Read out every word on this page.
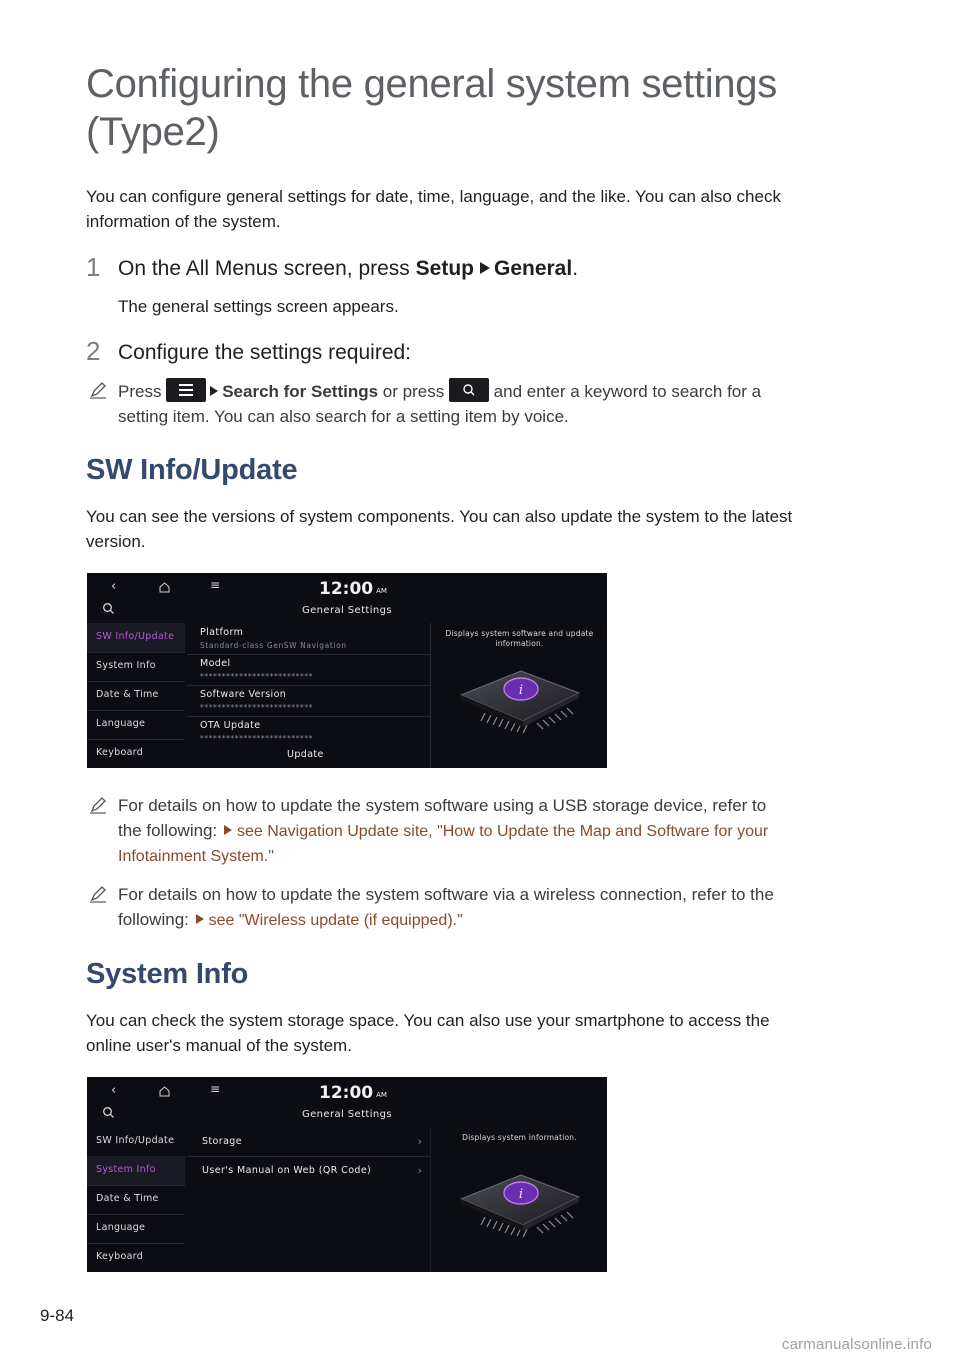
Configuring the general system settings
(Type2)
You can configure general settings for date, time, language, and the like. You can also check
information of the system.
1 On the All Menus screen, press Setup General.
The general settings screen appears.
2 Configure the settings required:
Press	Search for Settings or press  and enter a keyword to search for a
setting item. You can also search for a setting item by voice.
SW Info/Update
You can see the versions of system components. You can also update the system to the latest
version.
‹	≡	12:00 AM
General Settings
SW Info/Update
System Info
Date & Time
Language
Keyboard
Platform
Standard-class GenSW Navigation
Model
**************************
Software Version
**************************
OTA Update
**************************
Update
Displays system software and update
information.
i
For details on how to update the system software using a USB storage device, refer to
the following: see Navigation Update site, "How to Update the Map and Software for your
Infotainment System."
For details on how to update the system software via a wireless connection, refer to the
following: see "Wireless update (if equipped)."
System Info
You can check the system storage space. You can also use your smartphone to access the
online user's manual of the system.
‹	≡	12:00 AM
General Settings
SW Info/Update
System Info
Date & Time
Language
Keyboard
Storage	›
User's Manual on Web (QR Code)	›
Displays system information.
i
9-84
carmanualsonline.info
